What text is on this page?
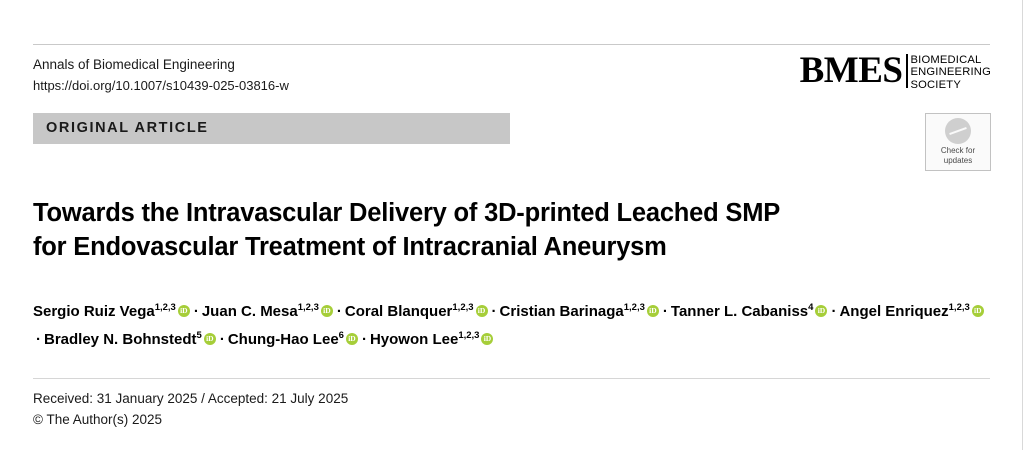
Annals of Biomedical Engineering
https://doi.org/10.1007/s10439-025-03816-w	BMES BIOMEDICAL
ENGINEERING
SOCIETY
ORIGINAL ARTICLE
Check for
updates
Towards the Intravascular Delivery of 3D-printed Leached SMP
for Endovascular Treatment of Intracranial Aneurysm
Sergio Ruiz Vega$^{1,2,3}$ iD · Juan C. Mesa$^{1,2,3}$ iD · Coral Blanquer$^{1,2,3}$ iD · Cristian Barinaga$^{1,2,3}$ iD · Tanner L. Cabaniss$^4$iD · Angel Enriquez$^{1,2,3}$iD· Bradley N. Bohnstedt$^5$ iD · Chung-Hao Lee$^6$ iD · Hyowon Lee$^{1,2,3}$iD
Received: 31 January 2025 / Accepted: 21 July 2025
© The Author(s) 2025
